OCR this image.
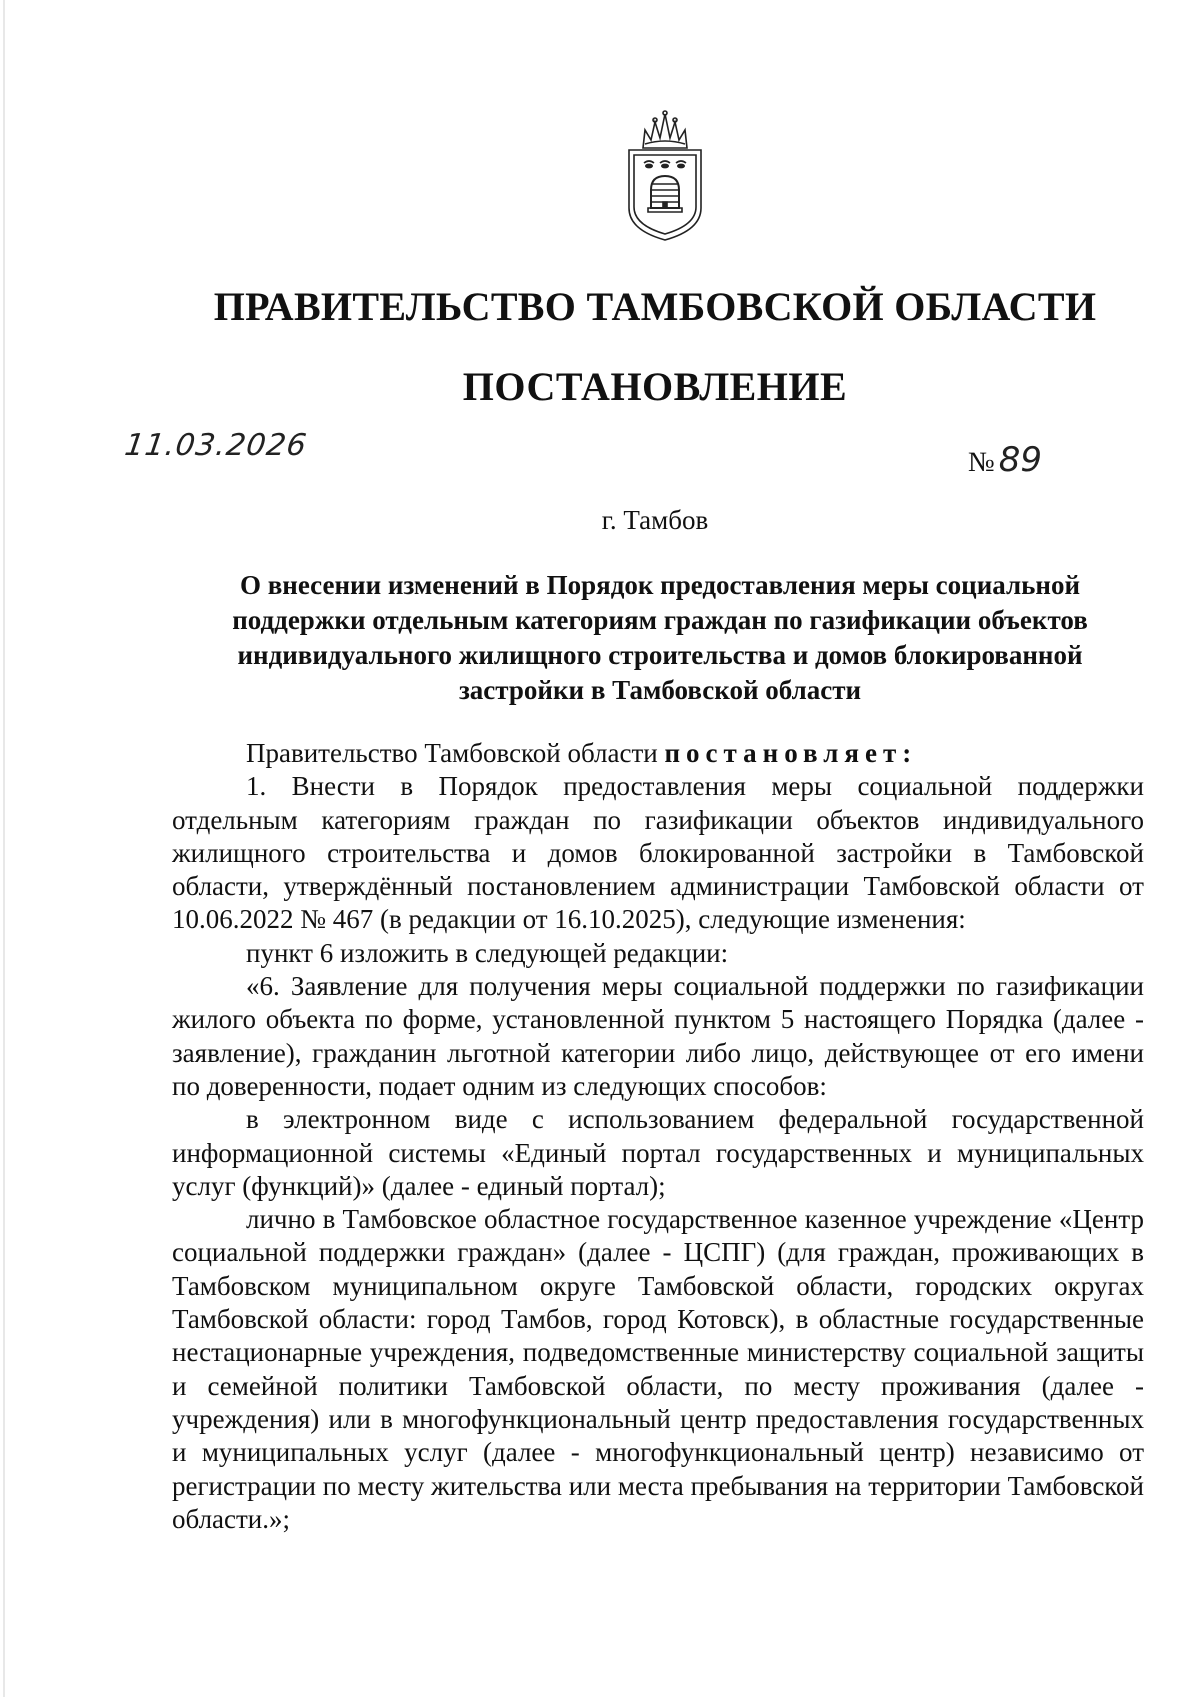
ПРАВИТЕЛЬСТВО ТАМБОВСКОЙ ОБЛАСТИ
ПОСТАНОВЛЕНИЕ
11.03.2026	№ 89
г. Тамбов
О внесении изменений в Порядок предоставления меры социальной поддержки отдельным категориям граждан по газификации объектов индивидуального жилищного строительства и домов блокированной застройки в Тамбовской области

Правительство Тамбовской области постановляет:

1. Внести в Порядок предоставления меры социальной поддержки отдельным категориям граждан по газификации объектов индивидуального жилищного строительства и домов блокированной застройки в Тамбовской области, утверждённый постановлением администрации Тамбовской области от 10.06.2022 № 467 (в редакции от 16.10.2025), следующие изменения:

пункт 6 изложить в следующей редакции:

«6. Заявление для получения меры социальной поддержки по газификации жилого объекта по форме, установленной пунктом 5 настоящего Порядка (далее - заявление), гражданин льготной категории либо лицо, действующее от его имени по доверенности, подает одним из следующих способов:

в электронном виде с использованием федеральной государственной информационной системы «Единый портал государственных и муниципальных услуг (функций)» (далее - единый портал);

лично в Тамбовское областное государственное казенное учреждение «Центр социальной поддержки граждан» (далее - ЦСПГ) (для граждан, проживающих в Тамбовском муниципальном округе Тамбовской области, городских округах Тамбовской области: город Тамбов, город Котовск), в областные государственные нестационарные учреждения, подведомственные министерству социальной защиты и семейной политики Тамбовской области, по месту проживания (далее - учреждения) или в многофункциональный центр предоставления государственных и муниципальных услуг (далее - многофункциональный центр) независимо от регистрации по месту жительства или места пребывания на территории Тамбовской области.»;
